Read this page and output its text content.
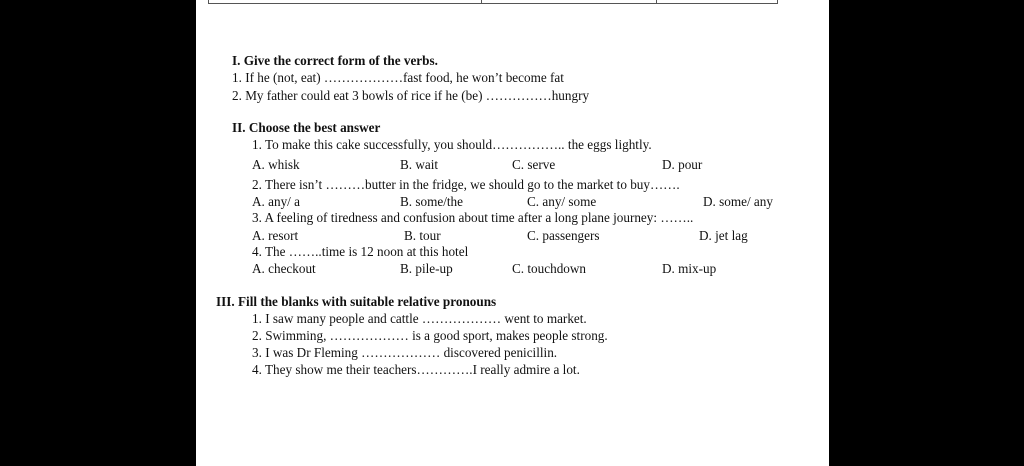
I. Give the correct form of the verbs.
1. If he (not, eat) ………………fast food, he won’t become fat
2. My father could eat 3 bowls of rice if he (be) ……………hungry
II. Choose the best answer
1. To make this cake successfully, you should…………….. the eggs lightly.
A. whisk	B. wait	C. serve	D. pour
2. There isn’t ………butter in the fridge, we should go to the market to buy…….
A. any/ a	B. some/the	C. any/ some	D. some/ any
3. A feeling of tiredness and confusion about time after a long plane journey: ……..
A. resort	B. tour	C. passengers	D. jet lag
4. The ……..time is 12 noon at this hotel
A. checkout	B. pile-up	C. touchdown	D. mix-up
III. Fill the blanks with suitable relative pronouns
1. I saw many people and cattle ……………… went to market.
2. Swimming, ……………… is a good sport, makes people strong.
3. I was Dr Fleming ……………… discovered penicillin.
4. They show me their teachers………….I really admire a lot.
